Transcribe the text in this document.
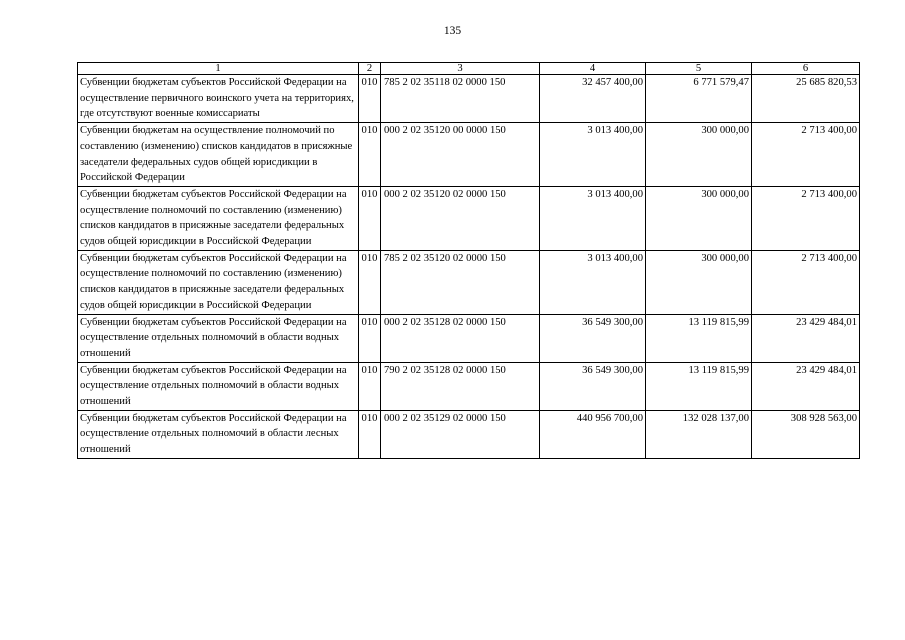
135
1	2	3	4	5	6
Субвенции бюджетам субъектов Российской Федерации на осуществление первичного воинского учета на территориях, где отсутствуют военные комиссариаты	010	785 2 02 35118 02 0000 150	32 457 400,00	6 771 579,47	25 685 820,53
Субвенции бюджетам на осуществление полномочий по составлению (изменению) списков кандидатов в присяжные заседатели федеральных судов общей юрисдикции в Российской Федерации	010	000 2 02 35120 00 0000 150	3 013 400,00	300 000,00	2 713 400,00
Субвенции бюджетам субъектов Российской Федерации на осуществление полномочий по составлению (изменению) списков кандидатов в присяжные заседатели федеральных судов общей юрисдикции в Российской Федерации	010	000 2 02 35120 02 0000 150	3 013 400,00	300 000,00	2 713 400,00
Субвенции бюджетам субъектов Российской Федерации на осуществление полномочий по составлению (изменению) списков кандидатов в присяжные заседатели федеральных судов общей юрисдикции в Российской Федерации	010	785 2 02 35120 02 0000 150	3 013 400,00	300 000,00	2 713 400,00
Субвенции бюджетам субъектов Российской Федерации на осуществление отдельных полномочий в области водных отношений	010	000 2 02 35128 02 0000 150	36 549 300,00	13 119 815,99	23 429 484,01
Субвенции бюджетам субъектов Российской Федерации на осуществление отдельных полномочий в области водных отношений	010	790 2 02 35128 02 0000 150	36 549 300,00	13 119 815,99	23 429 484,01
Субвенции бюджетам субъектов Российской Федерации на осуществление отдельных полномочий в области лесных отношений	010	000 2 02 35129 02 0000 150	440 956 700,00	132 028 137,00	308 928 563,00
